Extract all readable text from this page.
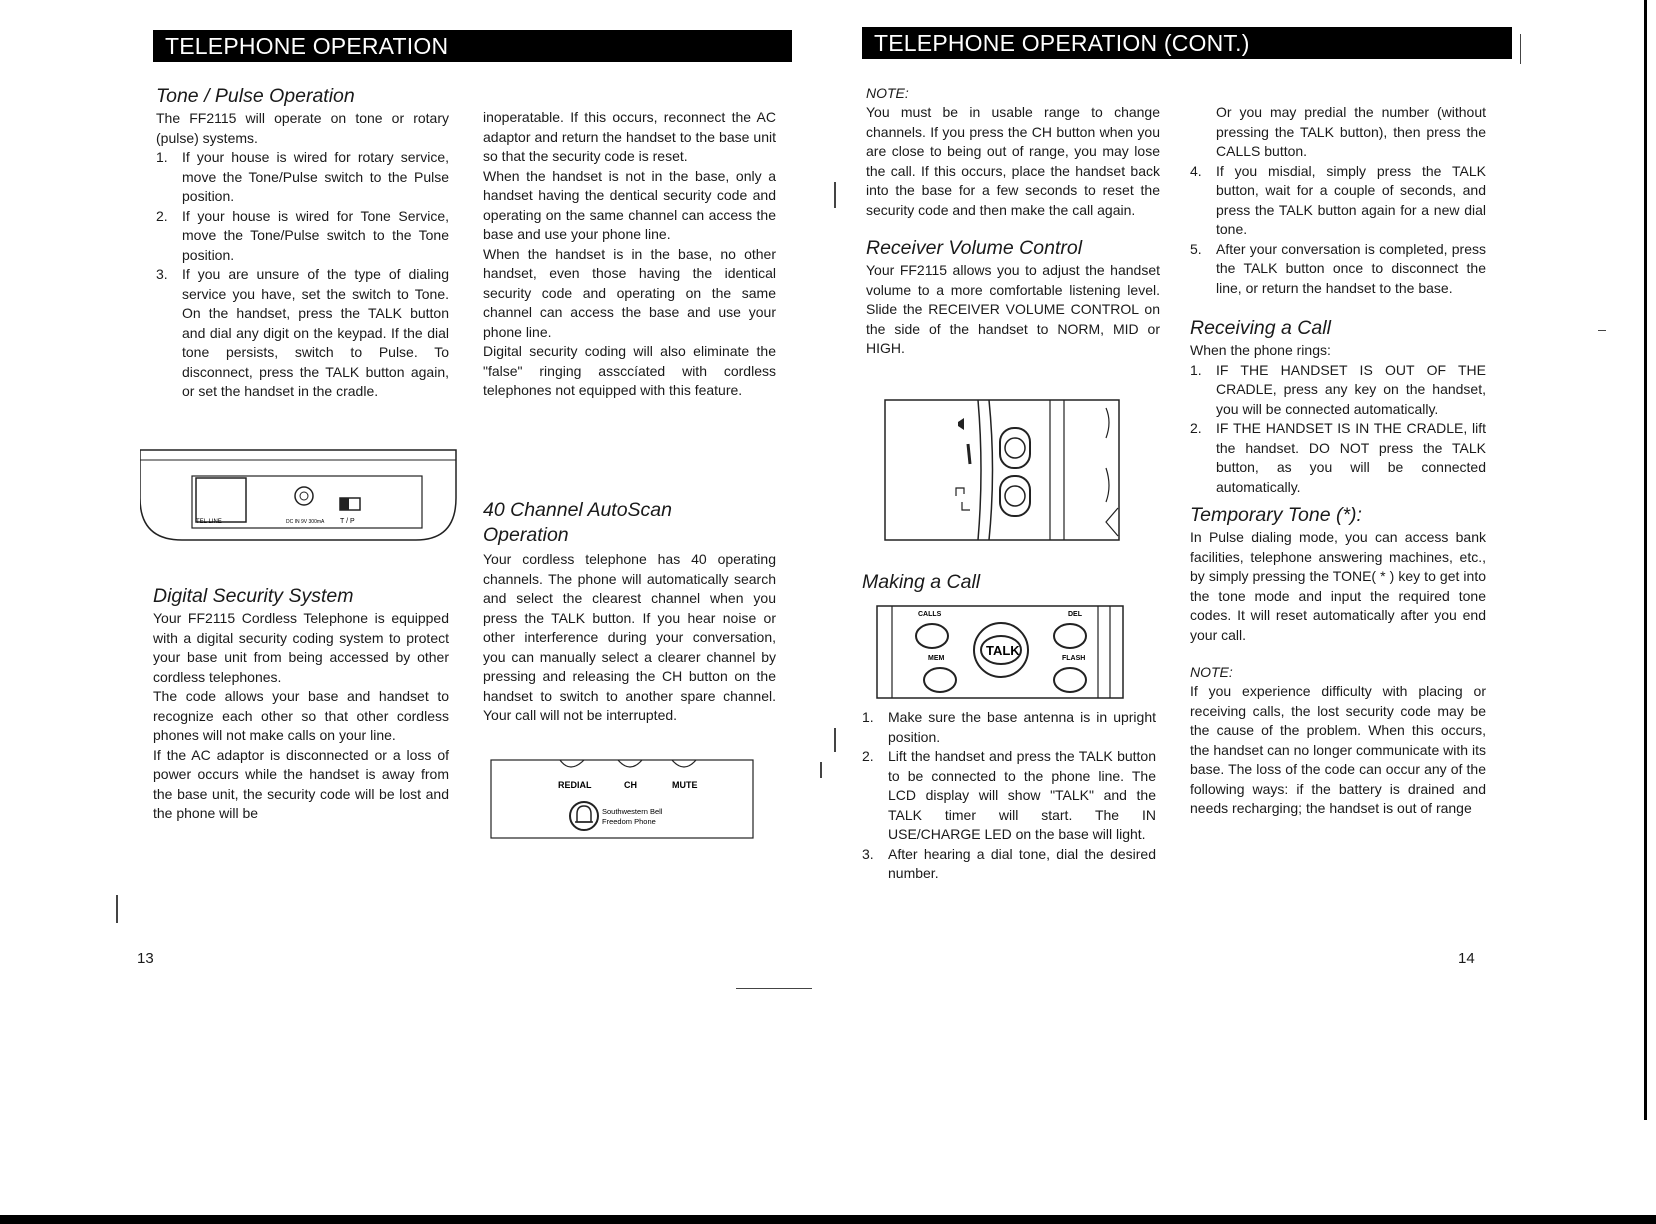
TELEPHONE OPERATION	TELEPHONE OPERATION (CONT.)
Tone / Pulse Operation

The FF2115 will operate on tone or rotary (pulse) systems.

1. If your house is wired for rotary service, move the Tone/Pulse switch to the Pulse position.
2. If your house is wired for Tone Service, move the Tone/Pulse switch to the Tone position.
3. If you are unsure of the type of dialing service you have, set the switch to Tone. On the handset, press the TALK button and dial any digit on the keypad. If the dial tone persists, switch to Pulse. To disconnect, press the TALK button again, or set the handset in the cradle.
TEL LINE	DC IN 9V 300mA T / P
Digital Security System

Your FF2115 Cordless Telephone is equipped with a digital security coding system to protect your base unit from being accessed by other cordless telephones.

The code allows your base and handset to recognize each other so that other cordless phones will not make calls on your line.

If the AC adaptor is disconnected or a loss of power occurs while the handset is away from the base unit, the security code will be lost and the phone will be

inoperatable. If this occurs, reconnect the AC adaptor and return the handset to the base unit so that the security code is reset.

When the handset is not in the base, only a handset having the dentical security code and operating on the same channel can access the base and use your phone line.

When the handset is in the base, no other handset, even those having the identical security code and operating on the same channel can access the base and use your phone line.

Digital security coding will also eliminate the "false" ringing assccíated with cordless telephones not equipped with this feature.

40 Channel AutoScan
Operation

Your cordless telephone has 40 operating channels. The phone will automatically search and select the clearest channel when you press the TALK button. If you hear noise or other interference during your conversation, you can manually select a clearer channel by pressing and releasing the CH button on the handset to switch to another spare channel. Your call will not be interrupted.

REDIAL	CH	MUTE
Southwestern Bell
Freedom Phone
NOTE:

You must be in usable range to change channels. If you press the CH button when you are close to being out of range, you may lose the call. If this occurs, place the handset back into the base for a few seconds to reset the security code and then make the call again.

Receiver Volume Control

Your FF2115 allows you to adjust the handset volume to a more comfortable listening level. Slide the RECEIVER VOLUME CONTROL on the side of the handset to NORM, MID or HIGH.

Making a Call
CALLS	DEL
MEM	FLASH
TALK
1. Make sure the base antenna is in upright position.
2. Lift the handset and press the TALK button to be connected to the phone line. The LCD display will show "TALK" and the TALK timer will start. The IN USE/CHARGE LED on the base will light.
3. After hearing a dial tone, dial the desired number.

Or you may predial the number (without pressing the TALK button), then press the CALLS button.

4. If you misdial, simply press the TALK button, wait for a couple of seconds, and press the TALK button again for a new dial tone.
5. After your conversation is completed, press the TALK button once to disconnect the line, or return the handset to the base.
Receiving a Call

When the phone rings:

1. IF THE HANDSET IS OUT OF THE CRADLE, press any key on the handset, you will be connected automatically.
2. IF THE HANDSET IS IN THE CRADLE, lift the handset. DO NOT press the TALK button, as you will be connected automatically.
Temporary Tone (*):

In Pulse dialing mode, you can access bank facilities, telephone answering machines, etc., by simply pressing the TONE( * ) key to get into the tone mode and input the required tone codes. It will reset automatically after you end your call.

NOTE:

If you experience difficulty with placing or receiving calls, the lost security code may be the cause of the problem. When this occurs, the handset can no longer communicate with its base. The loss of the code can occur any of the following ways: if the battery is drained and needs recharging; the handset is out of range

13	14
